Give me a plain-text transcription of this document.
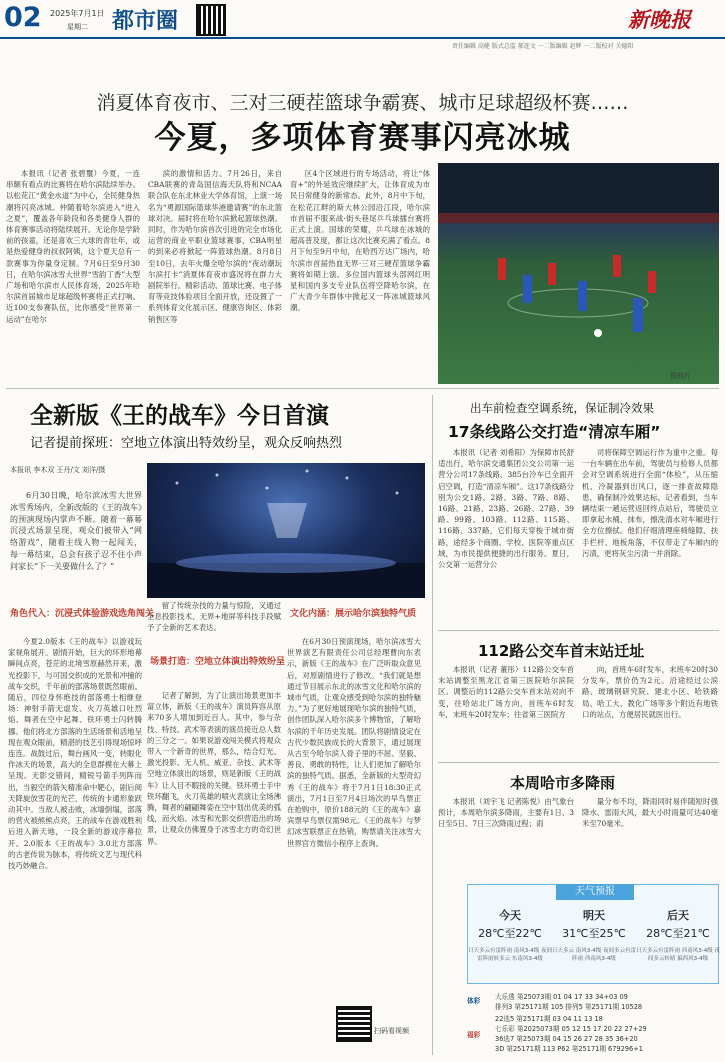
02 2025年7月1日
星期二 都市圈	新晚报
责任编辑 高健 版式总监 郝连文 一二版编辑 赵辉 一二版校对 关德阳
消夏体育夜市、三对三硬茬篮球争霸赛、城市足球超级杯赛……
今夏，多项体育赛事闪亮冰城

本报讯（记者 张碧璽）今夏，一连串颇有看点的比赛将在哈尔滨陆续举办。以松花江“黄金水道”为中心，全民健身热潮将闪亮冰城。仲随着哈尔滨进入“进入之夏”，覆盖各年龄段和各类健身人群的体育赛事活动将陆续展开。无论你是学龄前的孩童，还是喜欢三大球的青壮年，或是热爱健身的叔叔阿姨，这个夏天总有一款赛事为你量身定制。7月6日至9月30日，在哈尔滨冰雪大世界“雪韵丁香”大型广场和哈尔滨市人民体育场，2025年哈尔滨首届城市足球超级杯赛将正式打响。近100支参赛队伍，比你感受“世界第一运动”在哈尔

滨的激情和活力。7月26日，来自CBA联赛的青岛国信海天队将和NCAA联合队在东北林业大学体育馆，上演一场名为“勇源国际篮球华港邀请赛”的东北篮球对决。届时将在哈尔滨掀起篮球热潮。同时，作为哈尔滨首次引进的完全市场化运营的商业平职业篮球赛事，CBA明星的到来必将掀起一阵篮球热潮。8月8日至10日，去年火爆全哈尔滨的“夜动潮玩尔滨打卡”消夏体育夜市盛况将在群力大剧院举行。精彩活动、篮球比赛、电子体育等竞技体验项目全面开放，还设置了一系列体育文化展示区、健康咨询区、体彩销售区等

区4个区域进行的专场活动，将让“体育+”的外延效应继续扩大，让体育成为市民日常健身的新常态。此外，8月中下旬，在松花江畔的斯大林公园沿江段，哈尔滨市首届不服来战·街头巷尾乒乓球擂台赛将正式上演。国球的荣耀，乒乓球在冰城的超高普及度，都让这次比赛充满了看点。8月下旬至9月中旬，在哈西万达广场内，哈尔滨市首届热血无界·三对三硬茬篮球争霸赛将如期上演。多位国内篮球头部网红明星和国内多支专业队伍将空降哈尔滨，在广大青少年群体中掀起又一阵冰城篮球风潮。

资料片
全新版《王的战车》今日首演
记者提前探班：空地立体演出特效纷呈，观众反响热烈
本报讯 李木双 王丹/文 刘洋/摄

6月30日晚，哈尔滨冰雪大世界冰雪秀场内，全新改版的《王的战车》的预演现场内掌声不断。随着一幕幕沉浸式场景呈现，观众们被带入“网络游戏”，随着主线人物一起闯关，每一幕结束，总会有孩子忍不住小声问家长“下一关要做什么了？”

角色代入：沉浸式体验游戏选角闯关

今夏2.0版本《王的战车》以游戏玩家视角展开。剧情开始，巨大的环形地幕瞬间点亮，苍茫的北境雪原赫然开来，激光投影下，与可国交织成的光景和冲撞的战车交织，千年前的部落场景既然眼前。随后，四位身怀绝技的部落勇士相继登场：神射手箭无虚发、火刀英雄口吐烈焰、舞者在空中起舞、铁环勇士闪转腾挪。他们将北方部落的生活场景和活地呈现在观众眼前，精湛的技艺引得现场惊呼连连。战鼓过后，舞台画风一变，转眼化作冰天的场景，高大的全息群模在大幕上呈现。无影交错间，精锐号箭手列阵而出，当毅空的箭矢精准命中靶心，剧后阅天降旋放雪花的光芒，传统的卡通形象跃动其中。当敌人被击败，冰墙倒塌，部落的营火被熊熊点亮，王的战车在游戏胜利后进入新天地，一段全新的游戏序幕拉开。2.0版本《王的战车》3.0北方部落的古老传说为脉本，将传统文艺与现代科技巧妙融合。

留了传统杂技的力量与惊险，又通过全息投影技术、无界+地屏等科技手段赋予了全新的艺术表达。

场景打造：空地立体演出特效纷呈

记者了解到，为了让演出场景更加丰富立体，新版《王的战车》演员阵容从原来70多人增加到近百人。其中，参与杂技、特技、武术等表演的演员接近总人数的三分之一。如果说游戏闯关模式将观众带入一个新奇的世界，那么，结合灯光、激光投影、无人机、威亚、杂技、武术等空地立体演出的场景，则是新版《王的战车》让人目不暇接的关键。铁环勇士手中铁环翻飞，火刀英雄的喷火表演让全场沸腾，舞者的翩翩舞姿在空中划出优美的弧线，而火焰、冰雪和光影交织营造出的场景，让观众仿佛置身于冰雪北方的奇幻世界。

文化内涵：展示哈尔滨独特气质

在6月30日预演现场，哈尔滨冰雪大世界演艺有限责任公司总经理曹向东表示，新版《王的战车》在广泛听取众意见后，对原剧情进行了修改。“我们就是想通过节目展示东北的冰雪文化和哈尔滨的城市气质，让观众感受到哈尔滨的独特魅力。”为了更好地展现哈尔滨的独特气质，创作团队深入哈尔滨多个博物馆，了解哈尔滨的千年历史发展。团队将剧情设定在古代少数民族成长的大背景下，通过展现从古至今哈尔滨人骨子里的不屈、坚毅、善良、勇敢的特性，让人们更加了解哈尔滨的独特气质。据悉，全新版的大型奇幻秀《王的战车》将于7月1日18:30正式演出，7月1日至7月4日场次的早鸟票正在抢购中，原价188元的《王的战车》嘉宾票早鸟票仅需98元。《王的战车》与梦幻冰雪联票正在热销，购票请关注冰雪大世界官方微信小程序上查询。

扫码看视频
出车前检查空调系统，保证制冷效果
17条线路公交打造“清凉车厢”

本报讯（记者 刘希阳）为保障市民舒适出行，哈尔滨交通集团公交公司第一运营分公司17条线路、385台冷车已全面开启空调，打造“清凉车厢”。这17条线路分别为公交1路、2路、3路、7路、8路、16路、21路、23路、26路、27路、39路、99路、103路、112路、115路、116路、337路，它们每天穿梭于城市街路，途经多个商圈、学校、医院等重点区域，为市民提供便捷的出行服务。夏日，公交第一运营分公

司将保障空调运行作为重中之重。每一台车辆在出车前，驾驶员与检修人员都会对空调系统进行全面“体检”，从压缩机、冷凝器到出风口，逐一排查故障隐患，确保制冷效果达标。记者看到，当车辆结束一趟运营返回终点站后，驾驶员立即拿起水桶、抹布，擦洗清水对车厢进行全方位擦拭。他们仔细清理座椅缝隙、扶手栏杆、地板角落，不仅带走了车厢内的污渍，更将灰尘污渍一并消除。

112路公交车首末站迁址

本报讯（记者 董彤）112路公交车首末站调整至黑龙江省第三医院哈尔滨院区。调整后的112路公交车首末站对向不变，往哈站北广场方向，首班车6时发车，末班车20时发车；往省第三医院方

向，首班车6时发车，末班车20时30分发车，票价仍为2元。沿途经过公滨路、玻璃钢研究院、建北小区、哈铁路局、哈工大、教化广场等多个附近有地铁口的站点，方便居民就医出行。

本周哈市多降雨

本报讯（刘宇飞 记者陈悦）由气象台预计，本周哈尔滨多降雨，主要有1日、3日至5日、7日三次降雨过程；雨

量分布不均，降雨同时易伴随短时强降水、雷雨大风，最大小时雨量可达40毫米至70毫米。

天气预报
今天
28℃至22℃
日天多云有雷阵雨 南风3-4级 夜间雷阵雨转多云 东南风3-4级
明天
31℃至25℃
日天多云 南风3-4级 夜间多云有雷阵雨 西南风3-4级
后天
28℃至21℃
日天多云有雷阵雨 西南风3-4级 夜间多云转晴 偏西风3-4级
体彩	大乐透 第25073期 01 04 17 33 34+03 09
排列3 第25171期 105 排列5 第25171期 10528
福彩
22选5 第25171期 03 04 11 13 18
七乐彩 第2025073期 05 12 15 17 20 22 27+29
36选7 第25073期 04 15 26 27 28 35 36+20
3D 第25171期 113 P62 第25171期 679296+1
